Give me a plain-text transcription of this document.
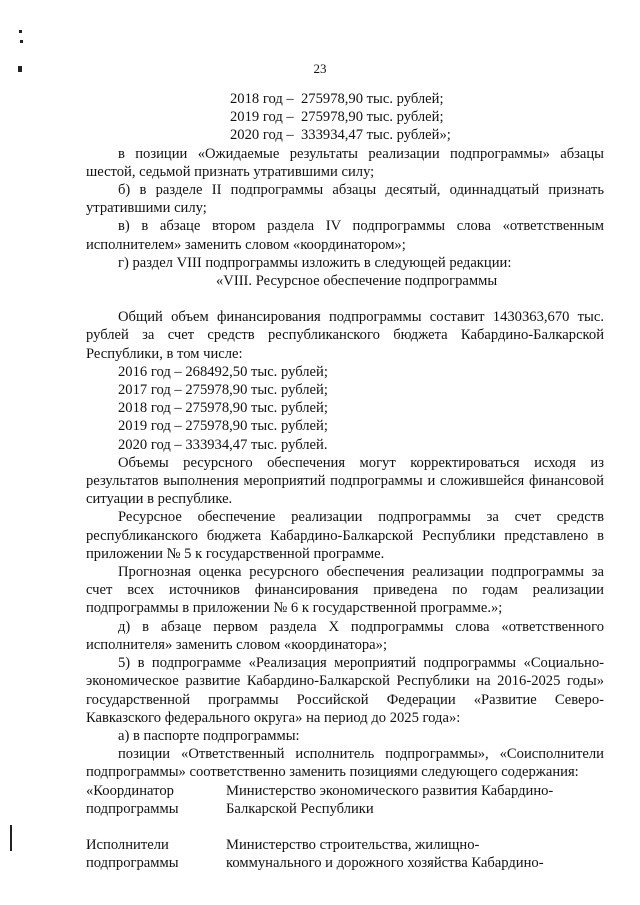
23
2018 год –  275978,90 тыс. рублей;
2019 год –  275978,90 тыс. рублей;
2020 год –  333934,47 тыс. рублей»;

в позиции «Ожидаемые результаты реализации подпрограммы» абзацы шестой, седьмой признать утратившими силу;

б) в разделе II подпрограммы абзацы десятый, одиннадцатый признать утратившими силу;

в) в абзаце втором раздела IV подпрограммы слова «ответственным исполнителем» заменить словом «координатором»;

г) раздел VIII подпрограммы изложить в следующей редакции:

«VIII. Ресурсное обеспечение подпрограммы

Общий объем финансирования подпрограммы составит 1430363,670 тыс. рублей за счет средств республиканского бюджета Кабардино-Балкарской Республики, в том числе:

2016 год – 268492,50 тыс. рублей;

2017 год – 275978,90 тыс. рублей;

2018 год – 275978,90 тыс. рублей;

2019 год – 275978,90 тыс. рублей;

2020 год – 333934,47 тыс. рублей.

Объемы ресурсного обеспечения могут корректироваться исходя из результатов выполнения мероприятий подпрограммы и сложившейся финансовой ситуации в республике.

Ресурсное обеспечение реализации подпрограммы за счет средств республиканского бюджета Кабардино-Балкарской Республики представлено в приложении № 5 к государственной программе.

Прогнозная оценка ресурсного обеспечения реализации подпрограммы за счет всех источников финансирования приведена по годам реализации подпрограммы в приложении № 6 к государственной программе.»;

д) в абзаце первом раздела X подпрограммы слова «ответственного исполнителя» заменить словом «координатора»;

5) в подпрограмме «Реализация мероприятий подпрограммы «Социально-экономическое развитие Кабардино-Балкарской Республики на 2016-2025 годы» государственной программы Российской Федерации «Развитие Северо-Кавказского федерального округа» на период до 2025 года»:

а) в паспорте подпрограммы:

позиции «Ответственный исполнитель подпрограммы», «Соисполнители подпрограммы» соответственно заменить позициями следующего содержания:

«Координатор	Министерство экономического развития Кабардино-
подпрограммы	Балкарской Республики
Исполнители	Министерство строительства, жилищно-
подпрограммы	коммунального и дорожного хозяйства Кабардино-
